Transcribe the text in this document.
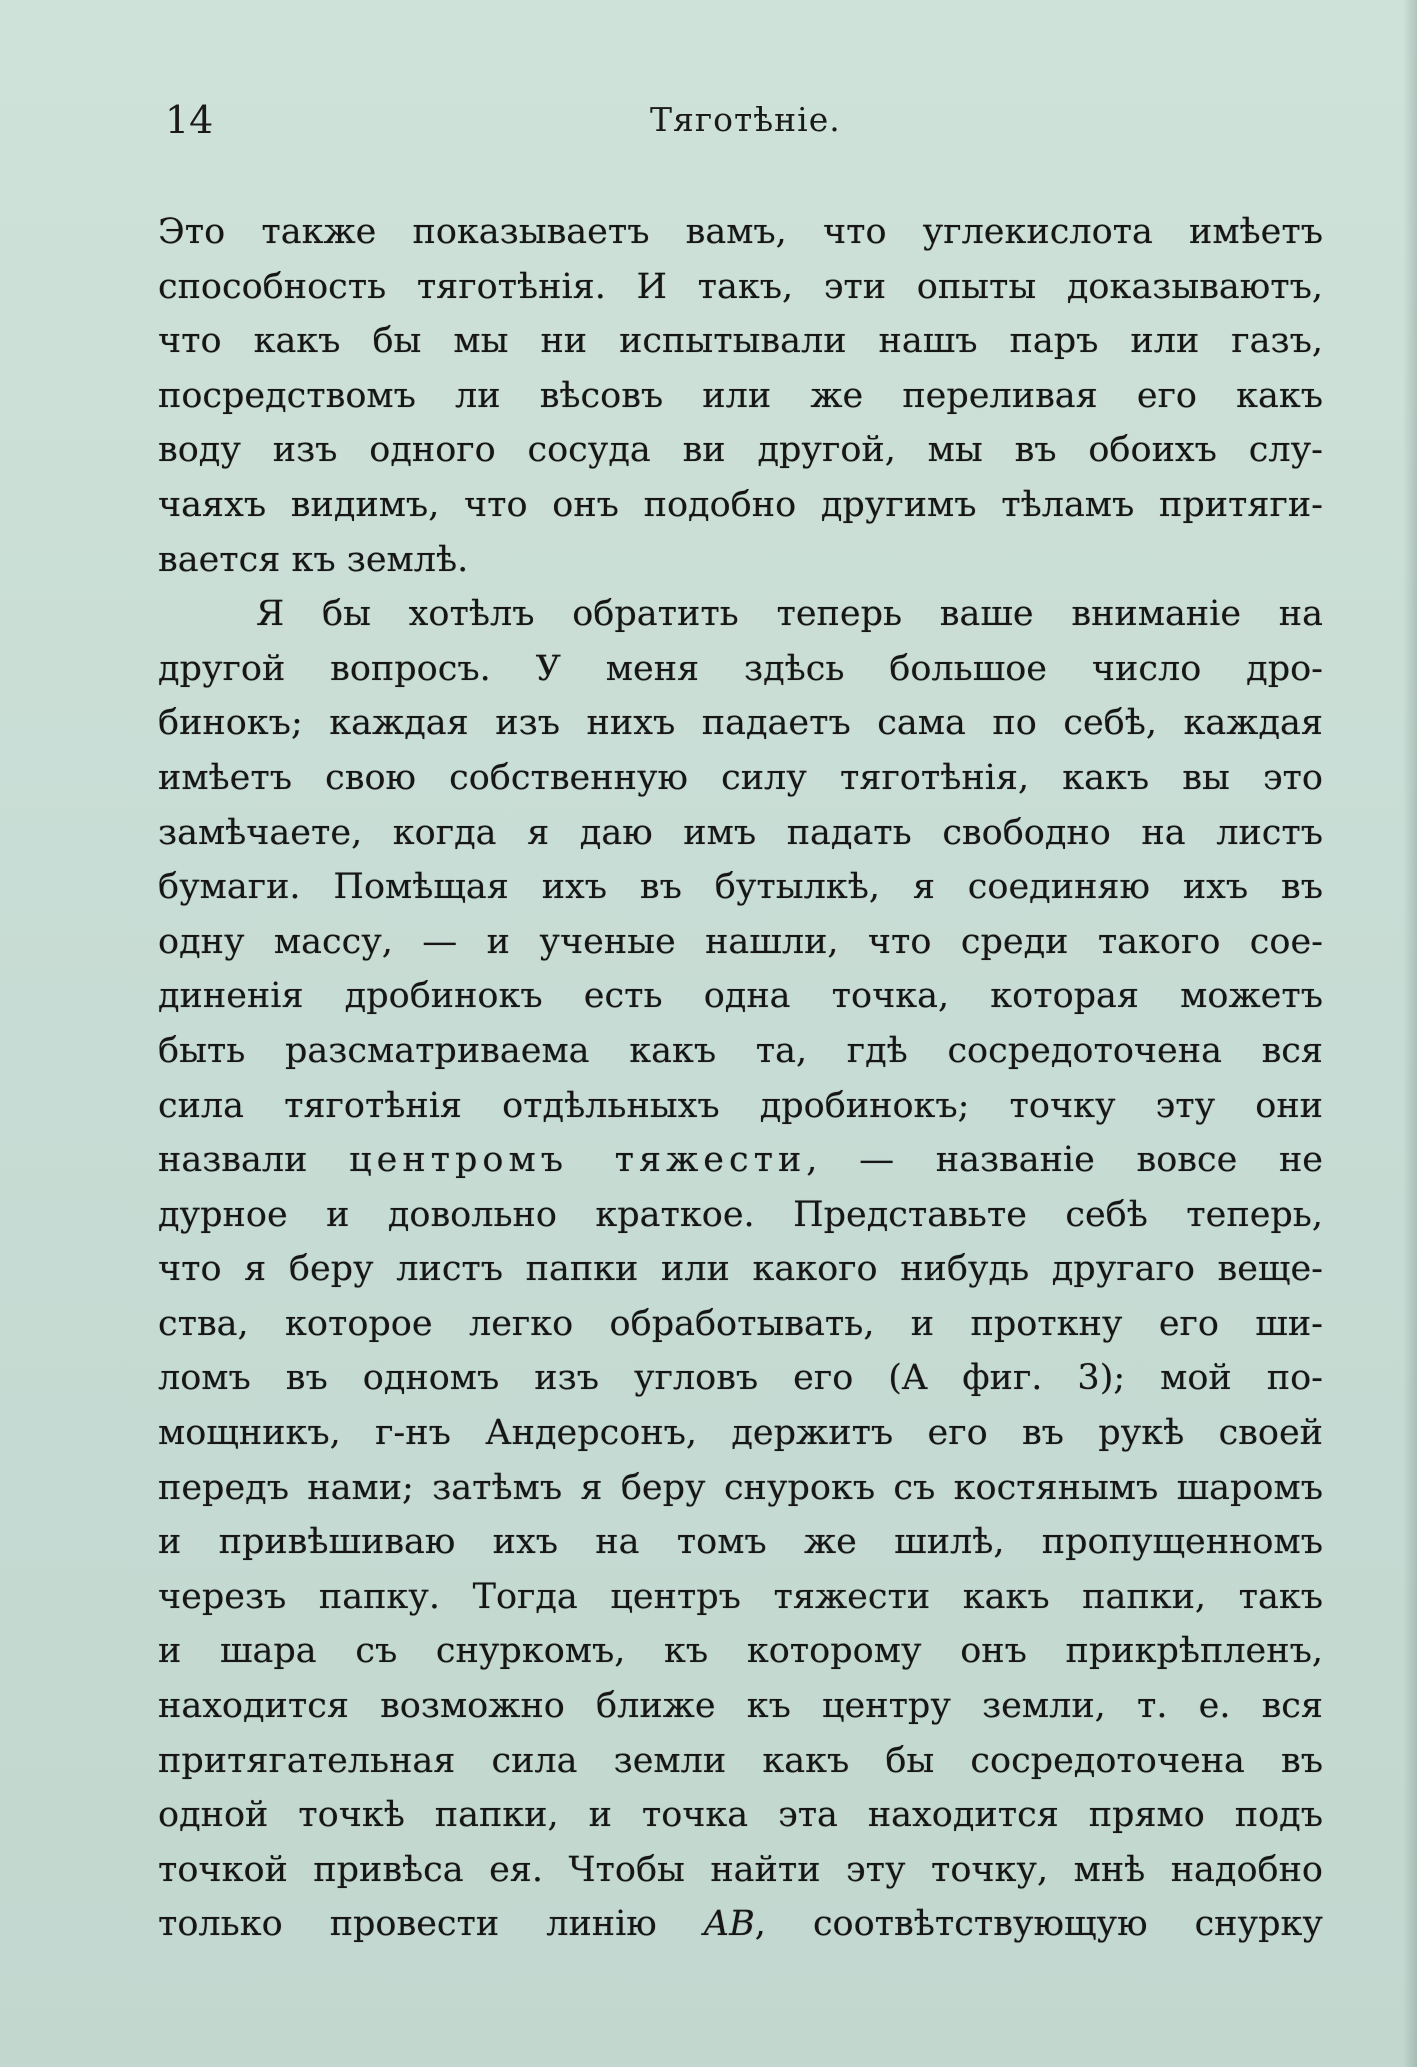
14	Тяготѣніе.
Это также показываетъ вамъ, что углекислота имѣетъ
способность тяготѣнія. И такъ, эти опыты доказываютъ,
что какъ бы мы ни испытывали нашъ паръ или газъ,
посредствомъ ли вѣсовъ или же переливая его какъ
воду изъ одного сосуда ви другой, мы въ обоихъ слу-
чаяхъ видимъ, что онъ подобно другимъ тѣламъ притяги-
вается къ землѣ.
Я бы хотѣлъ обратить теперь ваше вниманіе на
другой вопросъ. У меня здѣсь большое число дро-
бинокъ; каждая изъ нихъ падаетъ сама по себѣ, каждая
имѣетъ свою собственную силу тяготѣнія, какъ вы это
замѣчаете, когда я даю имъ падать свободно на листъ
бумаги. Помѣщая ихъ въ бутылкѣ, я соединяю ихъ въ
одну массу, — и ученые нашли, что среди такого сое-
диненія дробинокъ есть одна точка, которая можетъ
быть разсматриваема какъ та, гдѣ сосредоточена вся
сила тяготѣнія отдѣльныхъ дробинокъ; точку эту они
назвали центромъ тяжести, — названіе вовсе не
дурное и довольно краткое. Представьте себѣ теперь,
что я беру листъ папки или какого нибудь другаго веще-
ства, которое легко обработывать, и проткну его ши-
ломъ въ одномъ изъ угловъ его (A фиг. 3); мой по-
мощникъ, г-нъ Андерсонъ, держитъ его въ рукѣ своей
передъ нами; затѣмъ я беру снурокъ съ костянымъ шаромъ
и привѣшиваю ихъ на томъ же шилѣ, пропущенномъ
черезъ папку. Тогда центръ тяжести какъ папки, такъ
и шара съ снуркомъ, къ которому онъ прикрѣпленъ,
находится возможно ближе къ центру земли, т. е. вся
притягательная сила земли какъ бы сосредоточена въ
одной точкѣ папки, и точка эта находится прямо подъ
точкой привѣса ея. Чтобы найти эту точку, мнѣ надобно
только провести линію AB, соотвѣтствующую снурку
